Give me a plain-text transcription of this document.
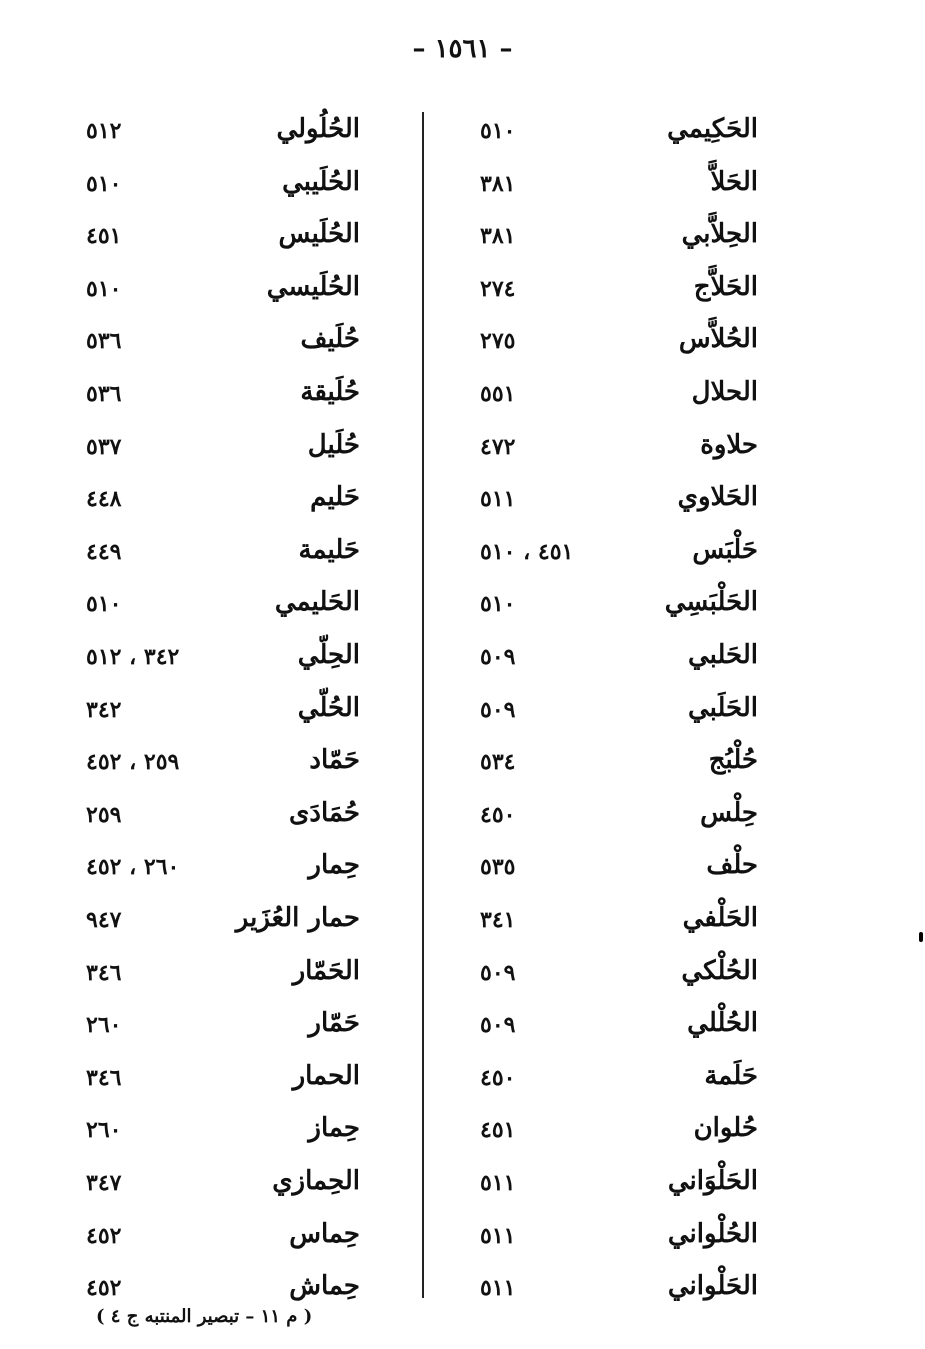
– ١٥٦١ –
الحَكِيمي
٥١٠
الحَلاَّ
٣٨١
الحِلاَّبي
٣٨١
الحَلاَّج
٢٧٤
الحُلاَّس
٢٧٥
الحلال
٥٥١
حلاوة
٤٧٢
الحَلاوي
٥١١
حَلْبَس
٤٥١ ، ٥١٠
الحَلْبَسِي
٥١٠
الحَلبي
٥٠٩
الحَلَبي
٥٠٩
حُلْبُج
٥٣٤
حِلْس
٤٥٠
حلْف
٥٣٥
الحَلْفي
٣٤١
الحُلْكي
٥٠٩
الحُلْلي
٥٠٩
حَلَمة
٤٥٠
حُلوان
٤٥١
الحَلْوَاني
٥١١
الحُلْواني
٥١١
الحَلْواني
٥١١
الحُلُولي
٥١٢
الحُلَيبي
٥١٠
الحُلَيس
٤٥١
الحُلَيسي
٥١٠
حُلَيف
٥٣٦
حُلَيقة
٥٣٦
حُلَيل
٥٣٧
حَليم
٤٤٨
حَليمة
٤٤٩
الحَليمي
٥١٠
الحِلّي
٣٤٢ ، ٥١٢
الحُلّي
٣٤٢
حَمّاد
٢٥٩ ، ٤٥٢
حُمَادَى
٢٥٩
حِمار
٢٦٠ ، ٤٥٢
حمار العُزَير
٩٤٧
الحَمّار
٣٤٦
حَمّار
٢٦٠
الحمار
٣٤٦
حِماز
٢٦٠
الحِمازي
٣٤٧
حِماس
٤٥٢
حِماش
٤٥٢
( م ١١ – تبصير المنتبه ج ٤ )
